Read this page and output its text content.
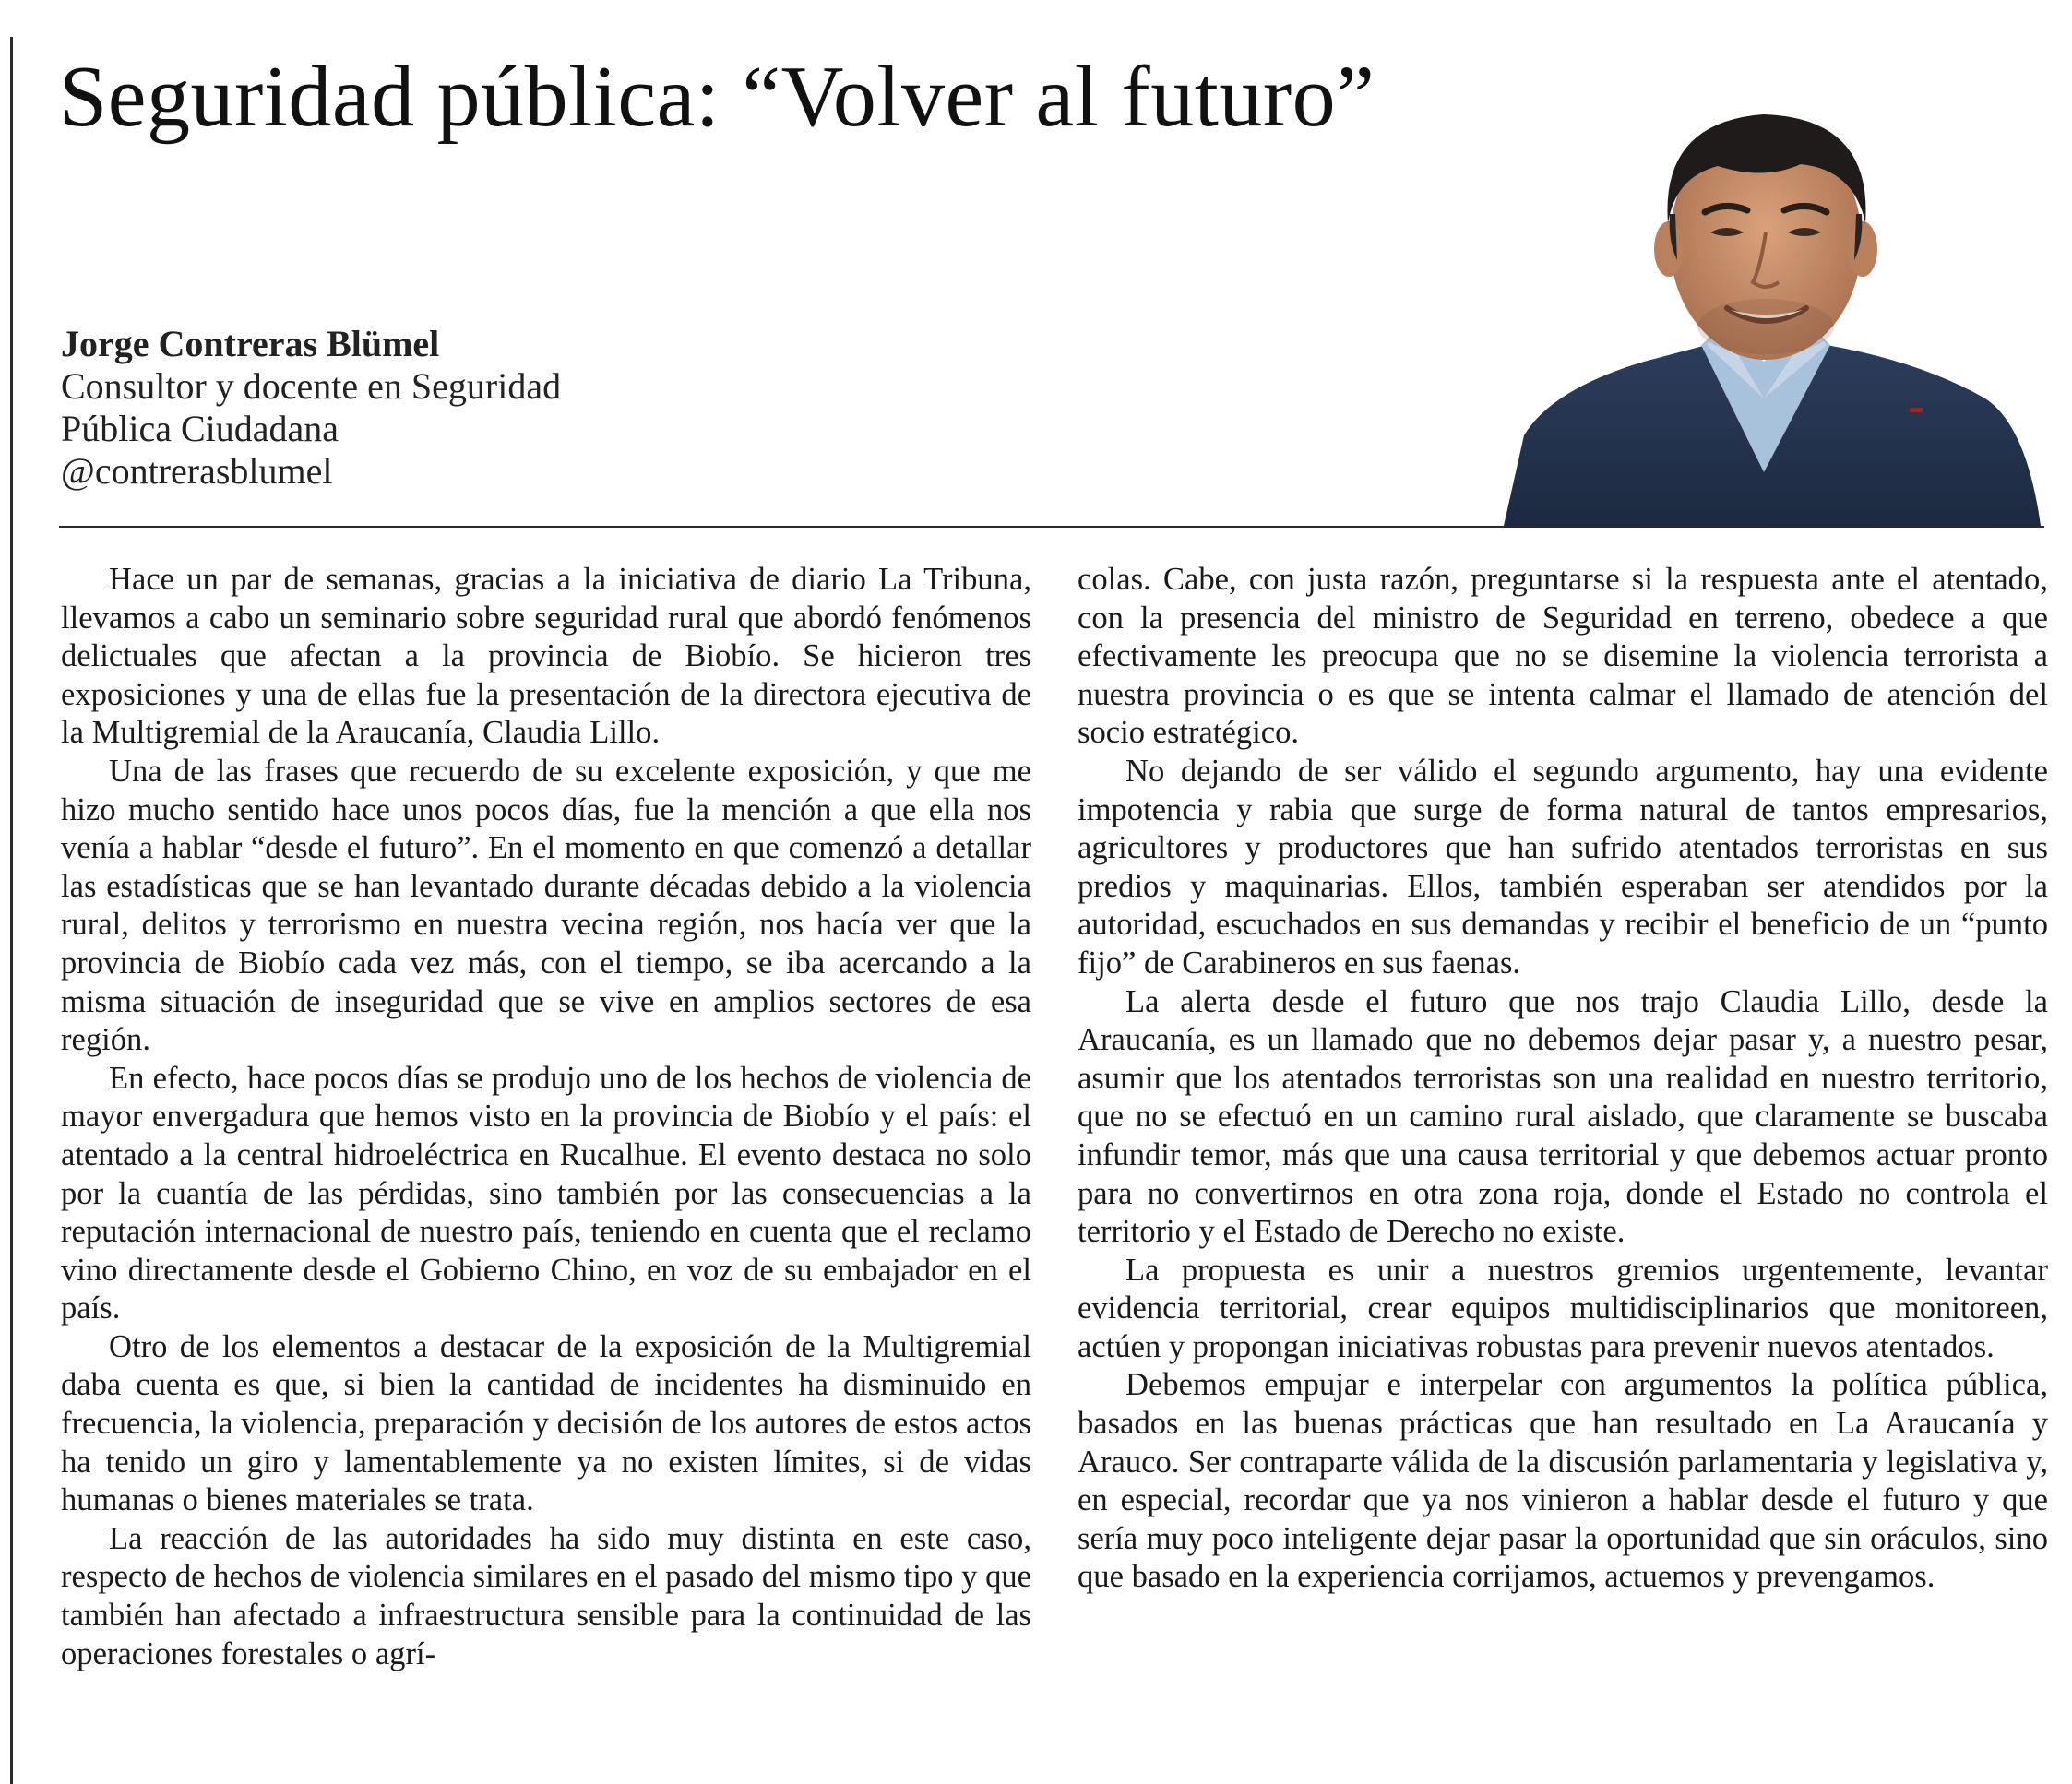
Seguridad pública: “Volver al futuro”
Jorge Contreras Blümel
Consultor y docente en Seguridad
Pública Ciudadana
@contrerasblumel

Hace un par de semanas, gracias a la iniciativa de diario La Tribuna, llevamos a cabo un seminario sobre seguridad rural que abordó fenómenos delictuales que afectan a la provincia de Biobío. Se hicieron tres exposiciones y una de ellas fue la presentación de la directora ejecutiva de la Multigremial de la Araucanía, Claudia Lillo.

Una de las frases que recuerdo de su excelente exposición, y que me hizo mucho sentido hace unos pocos días, fue la mención a que ella nos venía a hablar “desde el futuro”. En el momento en que comenzó a detallar las estadísticas que se han levantado durante décadas debido a la violencia rural, delitos y terrorismo en nuestra vecina región, nos hacía ver que la provincia de Biobío cada vez más, con el tiempo, se iba acercando a la misma situación de inseguridad que se vive en amplios sectores de esa región.

En efecto, hace pocos días se produjo uno de los hechos de violencia de mayor envergadura que hemos visto en la provincia de Biobío y el país: el atentado a la central hidroeléctrica en Rucalhue. El evento destaca no solo por la cuantía de las pérdidas, sino también por las consecuencias a la reputación internacional de nuestro país, teniendo en cuenta que el reclamo vino directamente desde el Gobierno Chino, en voz de su embajador en el país.

Otro de los elementos a destacar de la exposición de la Multigremial daba cuenta es que, si bien la cantidad de incidentes ha disminuido en frecuencia, la violencia, preparación y decisión de los autores de estos actos ha tenido un giro y lamentablemente ya no existen límites, si de vidas humanas o bienes materiales se trata.

La reacción de las autoridades ha sido muy distinta en este caso, respecto de hechos de violencia similares en el pasado del mismo tipo y que también han afectado a infraestructura sensible para la continuidad de las operaciones forestales o agrí-

colas. Cabe, con justa razón, preguntarse si la respuesta ante el atentado, con la presencia del ministro de Seguridad en terreno, obedece a que efectivamente les preocupa que no se disemine la violencia terrorista a nuestra provincia o es que se intenta calmar el llamado de atención del socio estratégico.

No dejando de ser válido el segundo argumento, hay una evidente impotencia y rabia que surge de forma natural de tantos empresarios, agricultores y productores que han sufrido atentados terroristas en sus predios y maquinarias. Ellos, también esperaban ser atendidos por la autoridad, escuchados en sus demandas y recibir el beneficio de un “punto fijo” de Carabineros en sus faenas.

La alerta desde el futuro que nos trajo Claudia Lillo, desde la Araucanía, es un llamado que no debemos dejar pasar y, a nuestro pesar, asumir que los atentados terroristas son una realidad en nuestro territorio, que no se efectuó en un camino rural aislado, que claramente se buscaba infundir temor, más que una causa territorial y que debemos actuar pronto para no convertirnos en otra zona roja, donde el Estado no controla el territorio y el Estado de Derecho no existe.

La propuesta es unir a nuestros gremios urgentemente, levantar evidencia territorial, crear equipos multidisciplinarios que monitoreen, actúen y propongan iniciativas robustas para prevenir nuevos atentados.

Debemos empujar e interpelar con argumentos la política pública, basados en las buenas prácticas que han resultado en La Araucanía y Arauco. Ser contraparte válida de la discusión parlamentaria y legislativa y, en especial, recordar que ya nos vinieron a hablar desde el futuro y que sería muy poco inteligente dejar pasar la oportunidad que sin oráculos, sino que basado en la experiencia corrijamos, actuemos y prevengamos.
